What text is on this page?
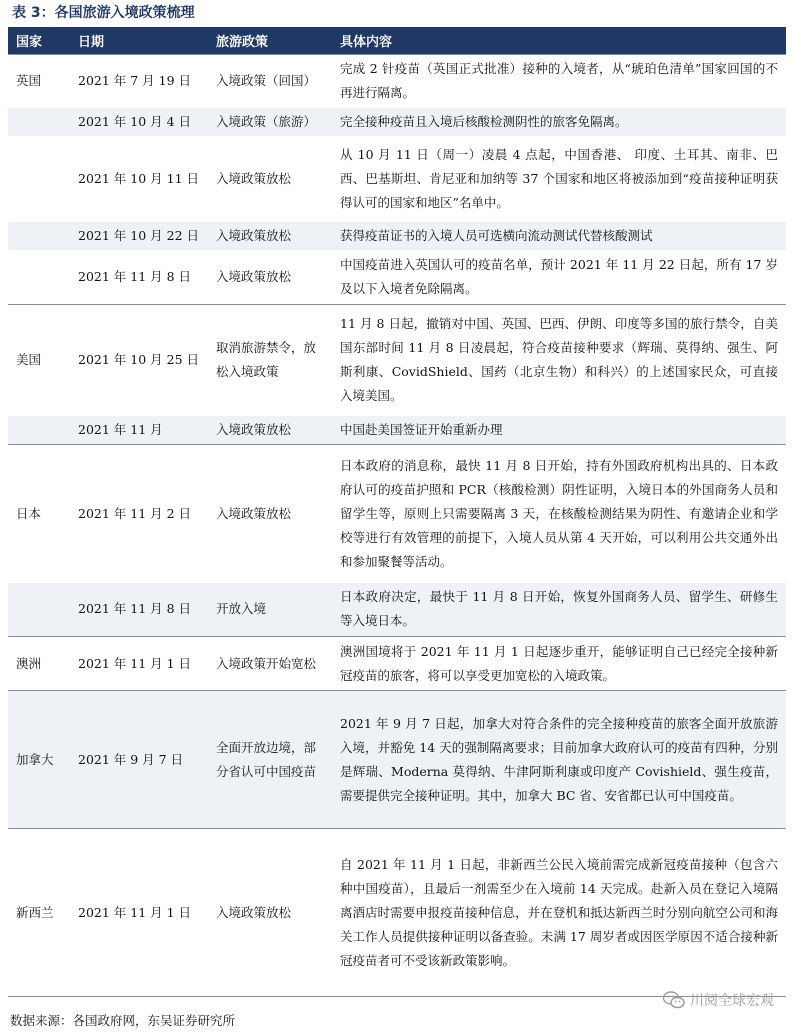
表 3：各国旅游入境政策梳理
国家	日期	旅游政策	具体内容
英国	2021 年 7 月 19 日	入境政策（回国）	完成 2 针疫苗（英国正式批准）接种的入境者，从“琥珀色清单”国家回国的不再进行隔离。
	2021 年 10 月 4 日	入境政策（旅游）	完全接种疫苗且入境后核酸检测阴性的旅客免隔离。
	2021 年 10 月 11 日	入境政策放松	从 10 月 11 日（周一）凌晨 4 点起，中国香港、 印度、土耳其、南非、巴西、巴基斯坦、肯尼亚和加纳等 37 个国家和地区将被添加到“疫苗接种证明获得认可的国家和地区”名单中。
	2021 年 10 月 22 日	入境政策放松	获得疫苗证书的入境人员可选横向流动测试代替核酸测试
	2021 年 11 月 8 日	入境政策放松	中国疫苗进入英国认可的疫苗名单，预计 2021 年 11 月 22 日起，所有 17 岁及以下入境者免除隔离。
美国	2021 年 10 月 25 日	取消旅游禁令，放松入境政策	11 月 8 日起，撤销对中国、英国、巴西、伊朗、印度等多国的旅行禁令，自美国东部时间 11 月 8 日凌晨起，符合疫苗接种要求（辉瑞、莫得纳、强生、阿斯利康、CovidShield、国药（北京生物）和科兴）的上述国家民众，可直接入境美国。
	2021 年 11 月	入境政策放松	中国赴美国签证开始重新办理
日本	2021 年 11 月 2 日	入境政策放松	日本政府的消息称，最快 11 月 8 日开始，持有外国政府机构出具的、日本政府认可的疫苗护照和 PCR（核酸检测）阴性证明，入境日本的外国商务人员和留学生等，原则上只需要隔离 3 天，在核酸检测结果为阴性、有邀请企业和学校等进行有效管理的前提下，入境人员从第 4 天开始，可以利用公共交通外出和参加聚餐等活动。
	2021 年 11 月 8 日	开放入境	日本政府决定，最快于 11 月 8 日开始，恢复外国商务人员、留学生、研修生等入境日本。
澳洲	2021 年 11 月 1 日	入境政策开始宽松	澳洲国境将于 2021 年 11 月 1 日起逐步重开，能够证明自己已经完全接种新冠疫苗的旅客，将可以享受更加宽松的入境政策。
加拿大	2021 年 9 月 7 日	全面开放边境，部分省认可中国疫苗	2021 年 9 月 7 日起，加拿大对符合条件的完全接种疫苗的旅客全面开放旅游入境，并豁免 14 天的强制隔离要求；目前加拿大政府认可的疫苗有四种，分别是辉瑞、Moderna 莫得纳、牛津阿斯利康或印度产 Covishield、强生疫苗，需要提供完全接种证明。其中，加拿大 BC 省、安省都已认可中国疫苗。
新西兰	2021 年 11 月 1 日	入境政策放松	自 2021 年 11 月 1 日起，非新西兰公民入境前需完成新冠疫苗接种（包含六种中国疫苗），且最后一剂需至少在入境前 14 天完成。赴新入员在登记入境隔离酒店时需要申报疫苗接种信息，并在登机和抵达新西兰时分别向航空公司和海关工作人员提供接种证明以备查验。未满 17 周岁者或因医学原因不适合接种新冠疫苗者可不受该新政策影响。
川阅全球宏观
数据来源：各国政府网，东吴证券研究所
